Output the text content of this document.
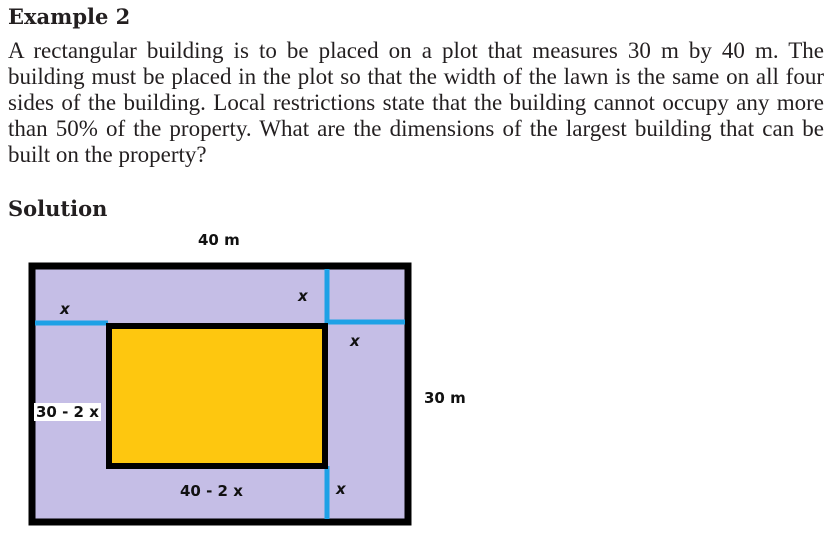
Example 2

A rectangular building is to be placed on a plot that measures 30 m by 40 m. The building must be placed in the plot so that the width of the lawn is the same on all four sides of the building. Local restrictions state that the building cannot occupy any more than 50% of the property. What are the dimensions of the largest building that can be built on the property?

Solution
40 m
30 m
x
x
x
x
30 - 2 x
40 - 2 x
